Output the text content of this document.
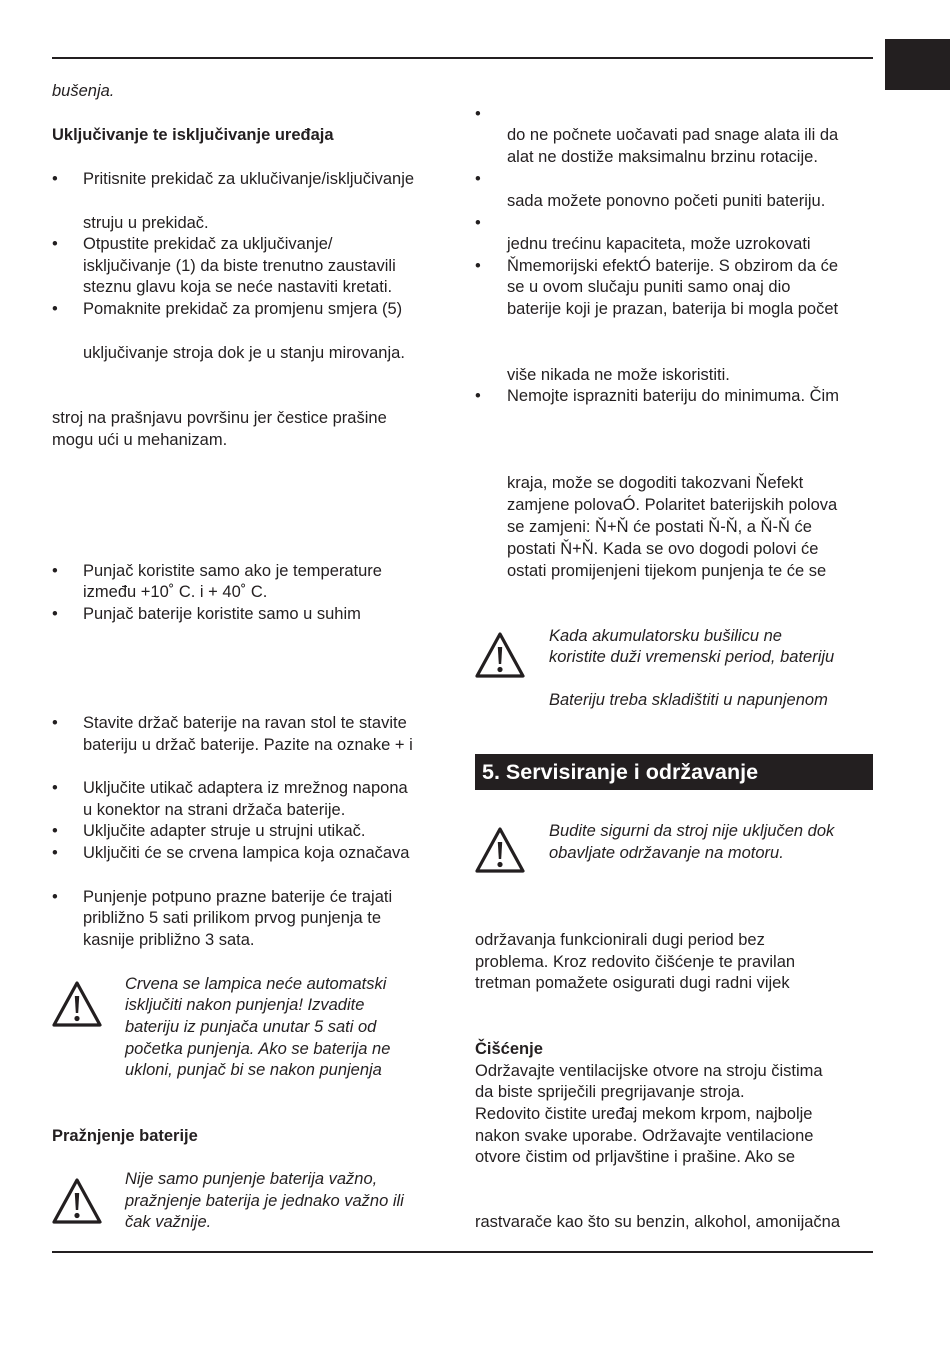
bušenja.
Uključivanje te isključivanje uređaja
• Pritisnite prekidač za uklučivanje/isključivanje
struju u prekidač.
• Otpustite prekidač za uključivanje/
isključivanje (1) da biste trenutno zaustavili
steznu glavu koja se neće nastaviti kretati.
• Pomaknite prekidač za promjenu smjera (5)
uključivanje stroja dok je u stanju mirovanja.
stroj na prašnjavu površinu jer čestice prašine
mogu ući u mehanizam.
• Punjač koristite samo ako je temperature
između +10˚ C. i + 40˚ C.
• Punjač baterije koristite samo u suhim
• Stavite držač baterije na ravan stol te stavite
bateriju u držač baterije. Pazite na oznake + i
• Uključite utikač adaptera iz mrežnog napona
u konektor na strani držača baterije.
• Uključite adapter struje u strujni utikač.
• Uključiti će se crvena lampica koja označava
• Punjenje potpuno prazne baterije će trajati
približno 5 sati prilikom prvog punjenja te
kasnije približno 3 sata.
Crvena se lampica neće automatski
isključiti nakon punjenja! Izvadite
bateriju iz punjača unutar 5 sati od
početka punjenja. Ako se baterija ne
ukloni, punjač bi se nakon punjenja
Pražnjenje baterije
Nije samo punjenje baterija važno,
pražnjenje baterija je jednako važno ili
čak važnije.
•
do ne počnete uočavati pad snage alata ili da
alat ne dostiže maksimalnu brzinu rotacije.
•
sada možete ponovno početi puniti bateriju.
•
jednu trećinu kapaciteta, može uzrokovati
• Ňmemorijski efektÓ baterije. S obzirom da će
se u ovom slučaju puniti samo onaj dio
baterije koji je prazan, baterija bi mogla počet
više nikada ne može iskoristiti.
• Nemojte isprazniti bateriju do minimuma. Čim
kraja, može se dogoditi takozvani Ňefekt
zamjene polovaÓ. Polaritet baterijskih polova
se zamjeni: Ň+Ň će postati Ň-Ň, a Ň-Ň će
postati Ň+Ň. Kada se ovo dogodi polovi će
ostati promijenjeni tijekom punjenja te će se
Kada akumulatorsku bušilicu ne
koristite duži vremenski period, bateriju
Bateriju treba skladištiti u napunjenom
5. Servisiranje i održavanje
Budite sigurni da stroj nije uključen dok
obavljate održavanje na motoru.
održavanja funkcionirali dugi period bez
problema. Kroz redovito čišćenje te pravilan
tretman pomažete osigurati dugi radni vijek
Čišćenje
Održavajte ventilacijske otvore na stroju čistima
da biste spriječili pregrijavanje stroja.
Redovito čistite uređaj mekom krpom, najbolje
nakon svake uporabe. Održavajte ventilacione
otvore čistim od prljavštine i prašine. Ako se
rastvarače kao što su benzin, alkohol, amonijačna
